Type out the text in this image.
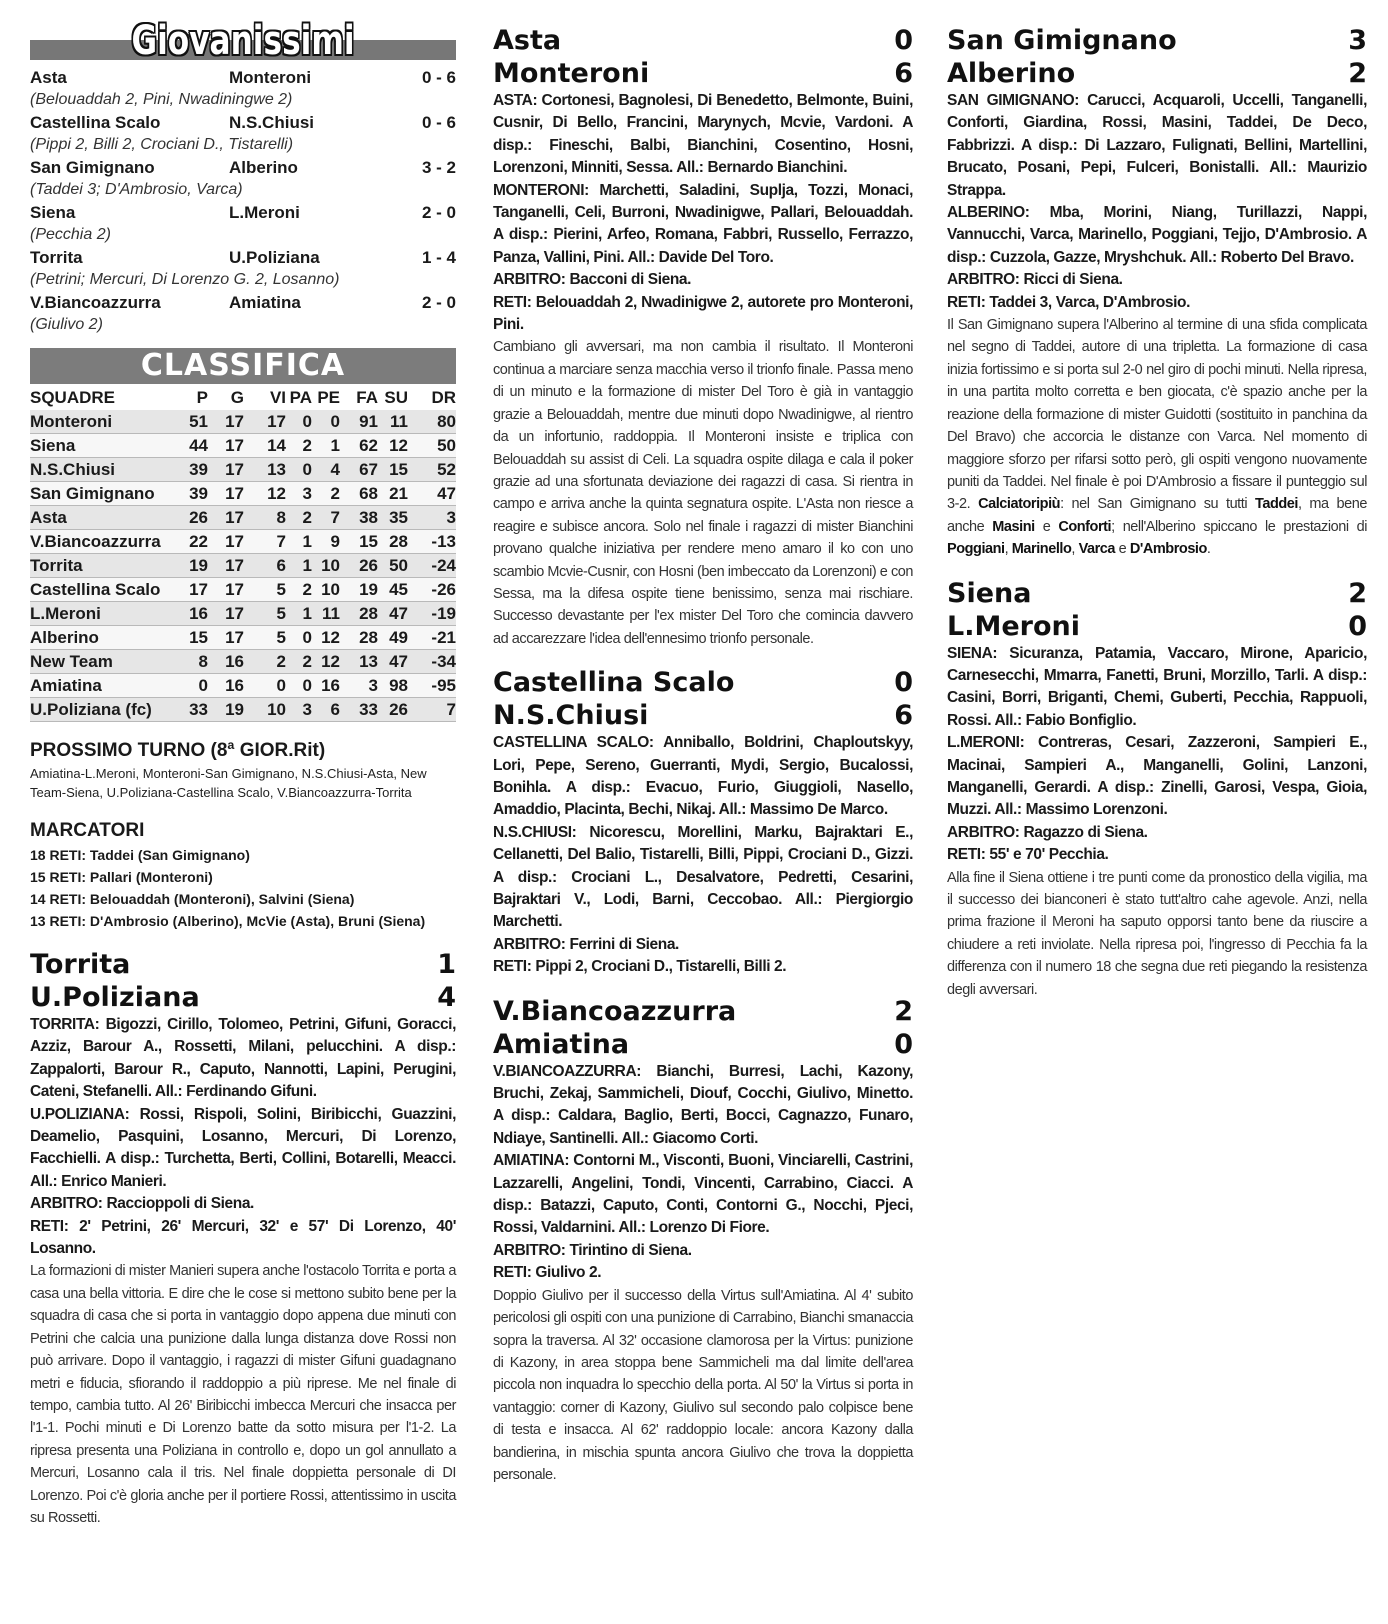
Giovanissimi
Asta	Monteroni	0 - 6
(Belouaddah 2, Pini, Nwadiningwe 2)
Castellina Scalo	N.S.Chiusi	0 - 6
(Pippi 2, Billi 2, Crociani D., Tistarelli)
San Gimignano	Alberino	3 - 2
(Taddei 3; D'Ambrosio, Varca)
Siena	L.Meroni	2 - 0
(Pecchia 2)
Torrita	U.Poliziana	1 - 4
(Petrini; Mercuri, Di Lorenzo G. 2, Losanno)
V.Biancoazzurra	Amiatina	2 - 0
(Giulivo 2)
CLASSIFICA
SQUADRE	P	G	VI	PA	PE	FA	SU	DR
Monteroni	51	17	17	0	0	91	11	80
Siena	44	17	14	2	1	62	12	50
N.S.Chiusi	39	17	13	0	4	67	15	52
San Gimignano	39	17	12	3	2	68	21	47
Asta	26	17	8	2	7	38	35	3
V.Biancoazzurra	22	17	7	1	9	15	28	-13
Torrita	19	17	6	1	10	26	50	-24
Castellina Scalo	17	17	5	2	10	19	45	-26
L.Meroni	16	17	5	1	11	28	47	-19
Alberino	15	17	5	0	12	28	49	-21
New Team	8	16	2	2	12	13	47	-34
Amiatina	0	16	0	0	16	3	98	-95
U.Poliziana (fc)	33	19	10	3	6	33	26	7
PROSSIMO TURNO (8ª GIOR.Rit)
Amiatina-L.Meroni, Monteroni-San Gimignano, N.S.Chiusi-Asta, New Team-Siena, U.Poliziana-Castellina Scalo, V.Biancoazzurra-Torrita
MARCATORI
18 RETI: Taddei (San Gimignano)
15 RETI: Pallari (Monteroni)
14 RETI: Belouaddah (Monteroni), Salvini (Siena)
13 RETI: D'Ambrosio (Alberino), McVie (Asta), Bruni (Siena)
Torrita	1
U.Poliziana	4
TORRITA: Bigozzi, Cirillo, Tolomeo, Petrini, Gifuni, Goracci, Azziz, Barour A., Rossetti, Milani, pelucchini. A disp.: Zappalorti, Barour R., Caputo, Nannotti, Lapini, Perugini, Cateni, Stefanelli. All.: Ferdinando Gifuni.
U.POLIZIANA: Rossi, Rispoli, Solini, Biribicchi, Guazzini, Deamelio, Pasquini, Losanno, Mercuri, Di Lorenzo, Facchielli. A disp.: Turchetta, Berti, Collini, Botarelli, Meacci. All.: Enrico Manieri.
ARBITRO: Raccioppoli di Siena.
RETI: 2' Petrini, 26' Mercuri, 32' e 57' Di Lorenzo, 40' Losanno.
La formazioni di mister Manieri supera anche l'ostacolo Torrita e porta a casa una bella vittoria. E dire che le cose si mettono subito bene per la squadra di casa che si porta in vantaggio dopo appena due minuti con Petrini che calcia una punizione dalla lunga distanza dove Rossi non può arrivare. Dopo il vantaggio, i ragazzi di mister Gifuni guadagnano metri e fiducia, sfiorando il raddoppio a più riprese. Me nel finale di tempo, cambia tutto. Al 26' Biribicchi imbecca Mercuri che insacca per l'1-1. Pochi minuti e Di Lorenzo batte da sotto misura per l'1-2. La ripresa presenta una Poliziana in controllo e, dopo un gol annullato a Mercuri, Losanno cala il tris. Nel finale doppietta personale di DI Lorenzo. Poi c'è gloria anche per il portiere Rossi, attentissimo in uscita su Rossetti.
Asta	0
Monteroni	6
ASTA: Cortonesi, Bagnolesi, Di Benedetto, Belmonte, Buini, Cusnir, Di Bello, Francini, Marynych, Mcvie, Vardoni. A disp.: Fineschi, Balbi, Bianchini, Cosentino, Hosni, Lorenzoni, Minniti, Sessa. All.: Bernardo Bianchini.
MONTERONI: Marchetti, Saladini, Suplja, Tozzi, Monaci, Tanganelli, Celi, Burroni, Nwadinigwe, Pallari, Belouaddah. A disp.: Pierini, Arfeo, Romana, Fabbri, Russello, Ferrazzo, Panza, Vallini, Pini. All.: Davide Del Toro.
ARBITRO: Bacconi di Siena.
RETI: Belouaddah 2, Nwadinigwe 2, autorete pro Monteroni, Pini.
Cambiano gli avversari, ma non cambia il risultato. Il Monteroni continua a marciare senza macchia verso il trionfo finale. Passa meno di un minuto e la formazione di mister Del Toro è già in vantaggio grazie a Belouaddah, mentre due minuti dopo Nwadinigwe, al rientro da un infortunio, raddoppia. Il Monteroni insiste e triplica con Belouaddah su assist di Celi. La squadra ospite dilaga e cala il poker grazie ad una sfortunata deviazione dei ragazzi di casa. Si rientra in campo e arriva anche la quinta segnatura ospite. L'Asta non riesce a reagire e subisce ancora. Solo nel finale i ragazzi di mister Bianchini provano qualche iniziativa per rendere meno amaro il ko con uno scambio Mcvie-Cusnir, con Hosni (ben imbeccato da Lorenzoni) e con Sessa, ma la difesa ospite tiene benissimo, senza mai rischiare. Successo devastante per l'ex mister Del Toro che comincia davvero ad accarezzare l'idea dell'ennesimo trionfo personale.
Castellina Scalo	0
N.S.Chiusi	6
CASTELLINA SCALO: Anniballo, Boldrini, Chaploutskyy, Lori, Pepe, Sereno, Guerranti, Mydi, Sergio, Bucalossi, Bonihla. A disp.: Evacuo, Furio, Giuggioli, Nasello, Amaddio, Placinta, Bechi, Nikaj. All.: Massimo De Marco.
N.S.CHIUSI: Nicorescu, Morellini, Marku, Bajraktari E., Cellanetti, Del Balio, Tistarelli, Billi, Pippi, Crociani D., Gizzi. A disp.: Crociani L., Desalvatore, Pedretti, Cesarini, Bajraktari V., Lodi, Barni, Ceccobao. All.: Piergiorgio Marchetti.
ARBITRO: Ferrini di Siena.
RETI: Pippi 2, Crociani D., Tistarelli, Billi 2.
V.Biancoazzurra	2
Amiatina	0
V.BIANCOAZZURRA: Bianchi, Burresi, Lachi, Kazony, Bruchi, Zekaj, Sammicheli, Diouf, Cocchi, Giulivo, Minetto. A disp.: Caldara, Baglio, Berti, Bocci, Cagnazzo, Funaro, Ndiaye, Santinelli. All.: Giacomo Corti.
AMIATINA: Contorni M., Visconti, Buoni, Vinciarelli, Castrini, Lazzarelli, Angelini, Tondi, Vincenti, Carrabino, Ciacci. A disp.: Batazzi, Caputo, Conti, Contorni G., Nocchi, Pjeci, Rossi, Valdarnini. All.: Lorenzo Di Fiore.
ARBITRO: Tirintino di Siena.
RETI: Giulivo 2.
Doppio Giulivo per il successo della Virtus sull'Amiatina. Al 4' subito pericolosi gli ospiti con una punizione di Carrabino, Bianchi smanaccia sopra la traversa. Al 32' occasione clamorosa per la Virtus: punizione di Kazony, in area stoppa bene Sammicheli ma dal limite dell'area piccola non inquadra lo specchio della porta. Al 50' la Virtus si porta in vantaggio: corner di Kazony, Giulivo sul secondo palo colpisce bene di testa e insacca. Al 62' raddoppio locale: ancora Kazony dalla bandierina, in mischia spunta ancora Giulivo che trova la doppietta personale.
San Gimignano	3
Alberino	2
SAN GIMIGNANO: Carucci, Acquaroli, Uccelli, Tanganelli, Conforti, Giardina, Rossi, Masini, Taddei, De Deco, Fabbrizzi. A disp.: Di Lazzaro, Fulignati, Bellini, Martellini, Brucato, Posani, Pepi, Fulceri, Bonistalli. All.: Maurizio Strappa.
ALBERINO: Mba, Morini, Niang, Turillazzi, Nappi, Vannucchi, Varca, Marinello, Poggiani, Tejjo, D'Ambrosio. A disp.: Cuzzola, Gazze, Mryshchuk. All.: Roberto Del Bravo.
ARBITRO: Ricci di Siena.
RETI: Taddei 3, Varca, D'Ambrosio.
Il San Gimignano supera l'Alberino al termine di una sfida complicata nel segno di Taddei, autore di una tripletta. La formazione di casa inizia fortissimo e si porta sul 2-0 nel giro di pochi minuti. Nella ripresa, in una partita molto corretta e ben giocata, c'è spazio anche per la reazione della formazione di mister Guidotti (sostituito in panchina da Del Bravo) che accorcia le distanze con Varca. Nel momento di maggiore sforzo per rifarsi sotto però, gli ospiti vengono nuovamente puniti da Taddei. Nel finale è poi D'Ambrosio a fissare il punteggio sul 3-2. Calciatoripiù: nel San Gimignano su tutti Taddei, ma bene anche Masini e Conforti; nell'Alberino spiccano le prestazioni di Poggiani, Marinello, Varca e D'Ambrosio.
Siena	2
L.Meroni	0
SIENA: Sicuranza, Patamia, Vaccaro, Mirone, Aparicio, Carnesecchi, Mmarra, Fanetti, Bruni, Morzillo, Tarli. A disp.: Casini, Borri, Briganti, Chemi, Guberti, Pecchia, Rappuoli, Rossi. All.: Fabio Bonfiglio.
L.MERONI: Contreras, Cesari, Zazzeroni, Sampieri E., Macinai, Sampieri A., Manganelli, Golini, Lanzoni, Manganelli, Gerardi. A disp.: Zinelli, Garosi, Vespa, Gioia, Muzzi. All.: Massimo Lorenzoni.
ARBITRO: Ragazzo di Siena.
RETI: 55' e 70' Pecchia.
Alla fine il Siena ottiene i tre punti come da pronostico della vigilia, ma il successo dei bianconeri è stato tutt'altro cahe agevole. Anzi, nella prima frazione il Meroni ha saputo opporsi tanto bene da riuscire a chiudere a reti inviolate. Nella ripresa poi, l'ingresso di Pecchia fa la differenza con il numero 18 che segna due reti piegando la resistenza degli avversari.
